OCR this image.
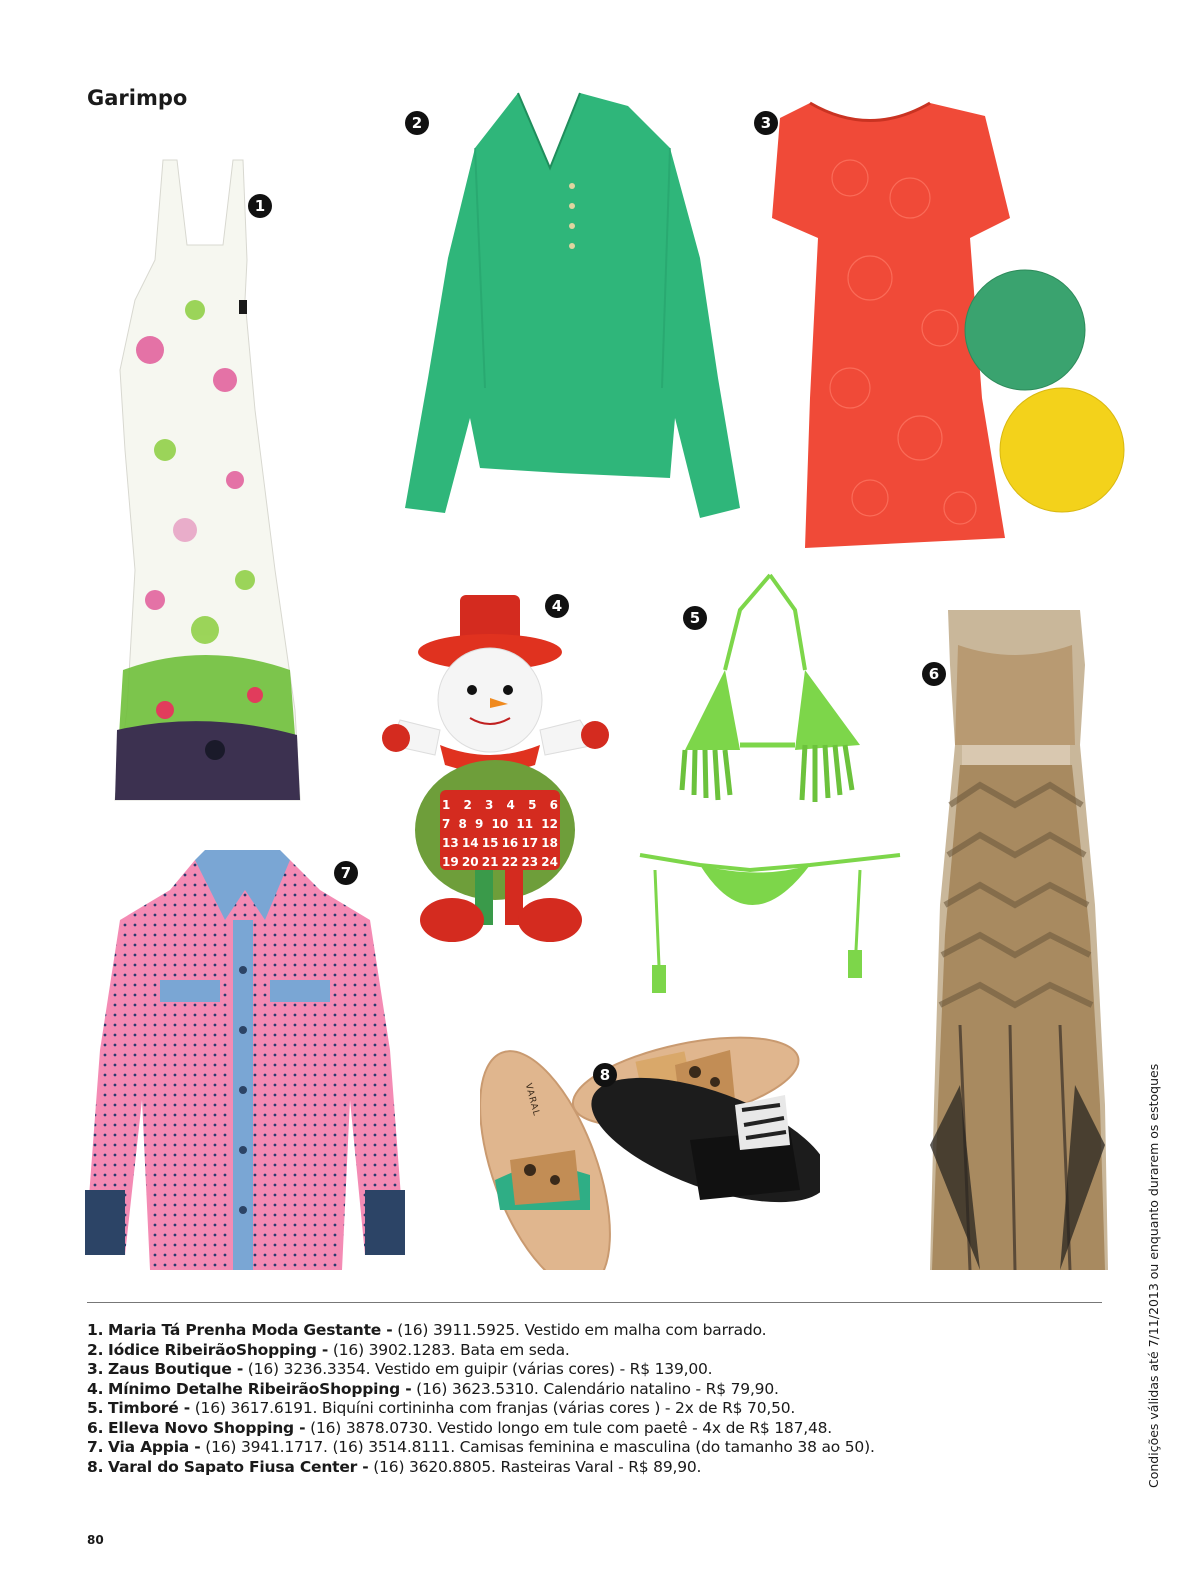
Garimpo
1
2	3
1 2 3 4 5 6
7 8 9 10 11 12
13 14 15 16 17 18
19 20 21 22 23 24
4
5
6
7
VARAL
8
1. Maria Tá Prenha Moda Gestante - (16) 3911.5925. Vestido em malha com barrado.
2. Iódice RibeirãoShopping - (16) 3902.1283. Bata em seda.
3. Zaus Boutique - (16) 3236.3354. Vestido em guipir (várias cores) - R$ 139,00.
4. Mínimo Detalhe RibeirãoShopping - (16) 3623.5310. Calendário natalino - R$ 79,90.
5. Timboré - (16) 3617.6191. Biquíni cortininha com franjas (várias cores ) - 2x de R$ 70,50.
6. Elleva Novo Shopping - (16) 3878.0730. Vestido longo em tule com paetê - 4x de R$ 187,48.
7. Via Appia - (16) 3941.1717. (16) 3514.8111. Camisas feminina e masculina (do tamanho 38 ao 50).
8. Varal do Sapato Fiusa Center - (16) 3620.8805. Rasteiras Varal - R$ 89,90.
80
Condições válidas até 7/11/2013 ou enquanto durarem os estoques
